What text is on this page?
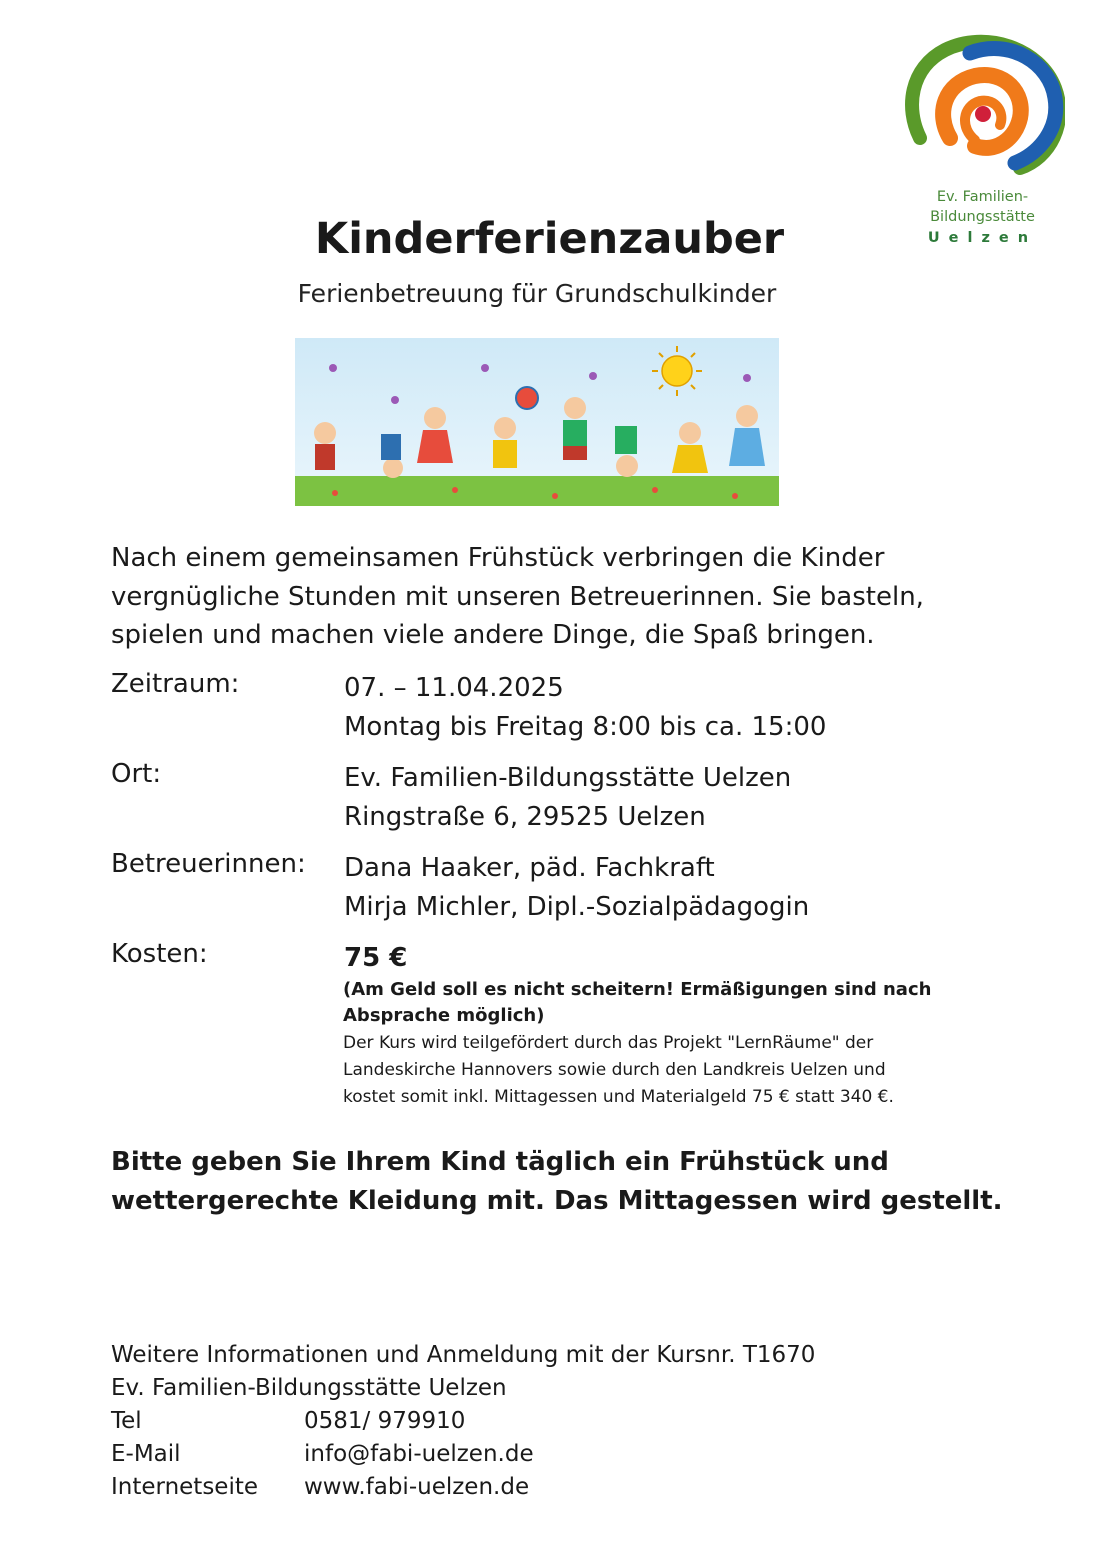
Ev. Familien-
Bildungsstätte
Uelzen
Kinderferienzauber
Ferienbetreuung für Grundschulkinder

Nach einem gemeinsamen Frühstück verbringen die Kinder vergnügliche Stunden mit unseren Betreuerinnen. Sie basteln, spielen und machen viele andere Dinge, die Spaß bringen.

Zeitraum:	07. – 11.04.2025
Montag bis Freitag 8:00 bis ca. 15:00
Ort:	Ev. Familien-Bildungsstätte Uelzen
Ringstraße 6, 29525 Uelzen
Betreuerinnen: Dana Haaker, päd. Fachkraft
Mirja Michler, Dipl.-Sozialpädagogin
Kosten:	75 €
(Am Geld soll es nicht scheitern! Ermäßigungen sind nach Absprache möglich)
Der Kurs wird teilgefördert durch das Projekt "LernRäume" der Landeskirche Hannovers sowie durch den Landkreis Uelzen und kostet somit inkl. Mittagessen und Materialgeld 75 € statt 340 €.
Bitte geben Sie Ihrem Kind täglich ein Frühstück und wettergerechte Kleidung mit. Das Mittagessen wird gestellt.
Weitere Informationen und Anmeldung mit der Kursnr. T1670
Ev. Familien-Bildungsstätte Uelzen
Tel	0581/ 979910
E-Mail	info@fabi-uelzen.de
Internetseite www.fabi-uelzen.de
